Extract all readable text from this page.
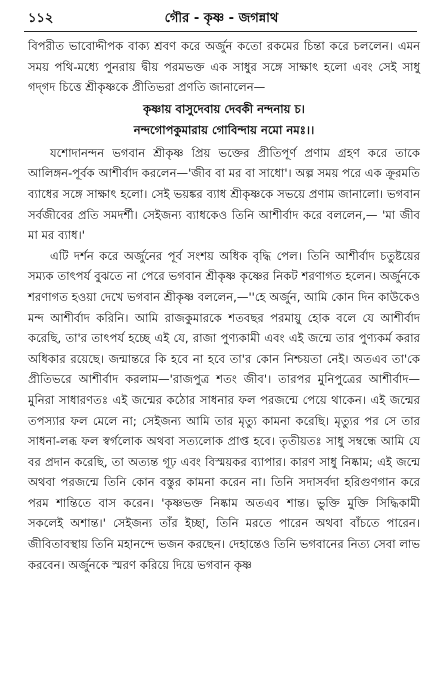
১১২	গৌর - কৃষ্ণ - জগন্নাথ

বিপরীত ভাবোদ্দীপক বাক্য শ্রবণ করে অর্জুন কতো রকমের চিন্তা করে চললেন। এমন সময় পথি-মধ্যে পুনরায় দ্বীয় পরমভক্ত এক সাধুর সঙ্গে সাক্ষাৎ হলো এবং সেই সাধু গদ্‌গদ চিত্তে শ্রীকৃষ্ণকে প্রীতিভরা প্রণতি জানালেন—

কৃষ্ণায় বাসুদেবায় দেবকী নন্দনায় চ।
নন্দগোপকুমারায় গোবিন্দায় নমো নমঃ।।

যশোদানন্দন ভগবান শ্রীকৃষ্ণ প্রিয় ভক্তের প্রীতিপূর্ণ প্রণাম গ্রহণ করে তাকে আলিঙ্গন-পূর্বক আশীর্বাদ করলেন—'জীব বা মর বা সাধো'। অল্প সময় পরে এক ক্রূরমতি ব্যাধের সঙ্গে সাক্ষাৎ হলো। সেই ভয়ঙ্কর ব্যাধ শ্রীকৃষ্ণকে সভয়ে প্রণাম জানালো। ভগবান সর্বজীবের প্রতি সমদর্শী। সেইজন্য ব্যাধকেও তিনি আশীর্বাদ করে বললেন,— 'মা জীব মা মর ব্যাধ।'

এটি দর্শন করে অর্জুনের পূর্ব সংশয় অধিক বৃদ্ধি পেল। তিনি আশীর্বাদ চতুষ্টয়ের সম্যক তাৎপর্য বুঝতে না পেরে ভগবান শ্রীকৃষ্ণ কৃষ্ণের নিকট শরণাগত হলেন। অর্জুনকে শরণাগত হওয়া দেখে ভগবান শ্রীকৃষ্ণ বললেন,—''হে অর্জুন, আমি কোন দিন কাউকেও মন্দ আশীর্বাদ করিনি। আমি রাজকুমারকে শতবছর পরমায়ু হোক বলে যে আশীর্বাদ করেছি, তা'র তাৎপর্য হচ্ছে এই যে, রাজা পুণ্যকামী এবং এই জন্মে তার পুণ্যকর্ম করার অধিকার রয়েছে। জন্মান্তরে কি হবে না হবে তা'র কোন নিশ্চয়তা নেই। অতএব তা'কে প্রীতিভরে আশীর্বাদ করলাম—'রাজপুত্র শতং জীব'। তারপর মুনিপুত্রের আশীর্বাদ— মুনিরা সাধারণতঃ এই জন্মের কঠোর সাধনার ফল পরজন্মে পেয়ে থাকেন। এই জন্মের তপস্যার ফল মেলে না; সেইজন্য আমি তার মৃত্যু কামনা করেছি। মৃত্যুর পর সে তার সাধনা-লব্ধ ফল স্বর্গলোক অথবা সত্যলোক প্রাপ্ত হবে। তৃতীয়তঃ সাধু সম্বন্ধে আমি যে বর প্রদান করেছি, তা অত্যন্ত গূঢ় এবং বিস্ময়কর ব্যাপার। কারণ সাধু নিষ্কাম; এই জন্মে অথবা পরজন্মে তিনি কোন বস্তুর কামনা করেন না। তিনি সদাসর্বদা হরিগুণগান করে পরম শান্তিতে বাস করেন। 'কৃষ্ণভক্ত নিষ্কাম অতএব শান্ত। ভুক্তি মুক্তি সিদ্ধিকামী সকলেই অশান্ত।' সেইজন্য তাঁর ইচ্ছা, তিনি মরতে পারেন অথবা বাঁচতে পারেন। জীবিতাবস্থায় তিনি মহানন্দে ভজন করছেন। দেহান্তেও তিনি ভগবানের নিত্য সেবা লাভ করবেন। অর্জুনকে স্মরণ করিয়ে দিয়ে ভগবান কৃষ্ণ
